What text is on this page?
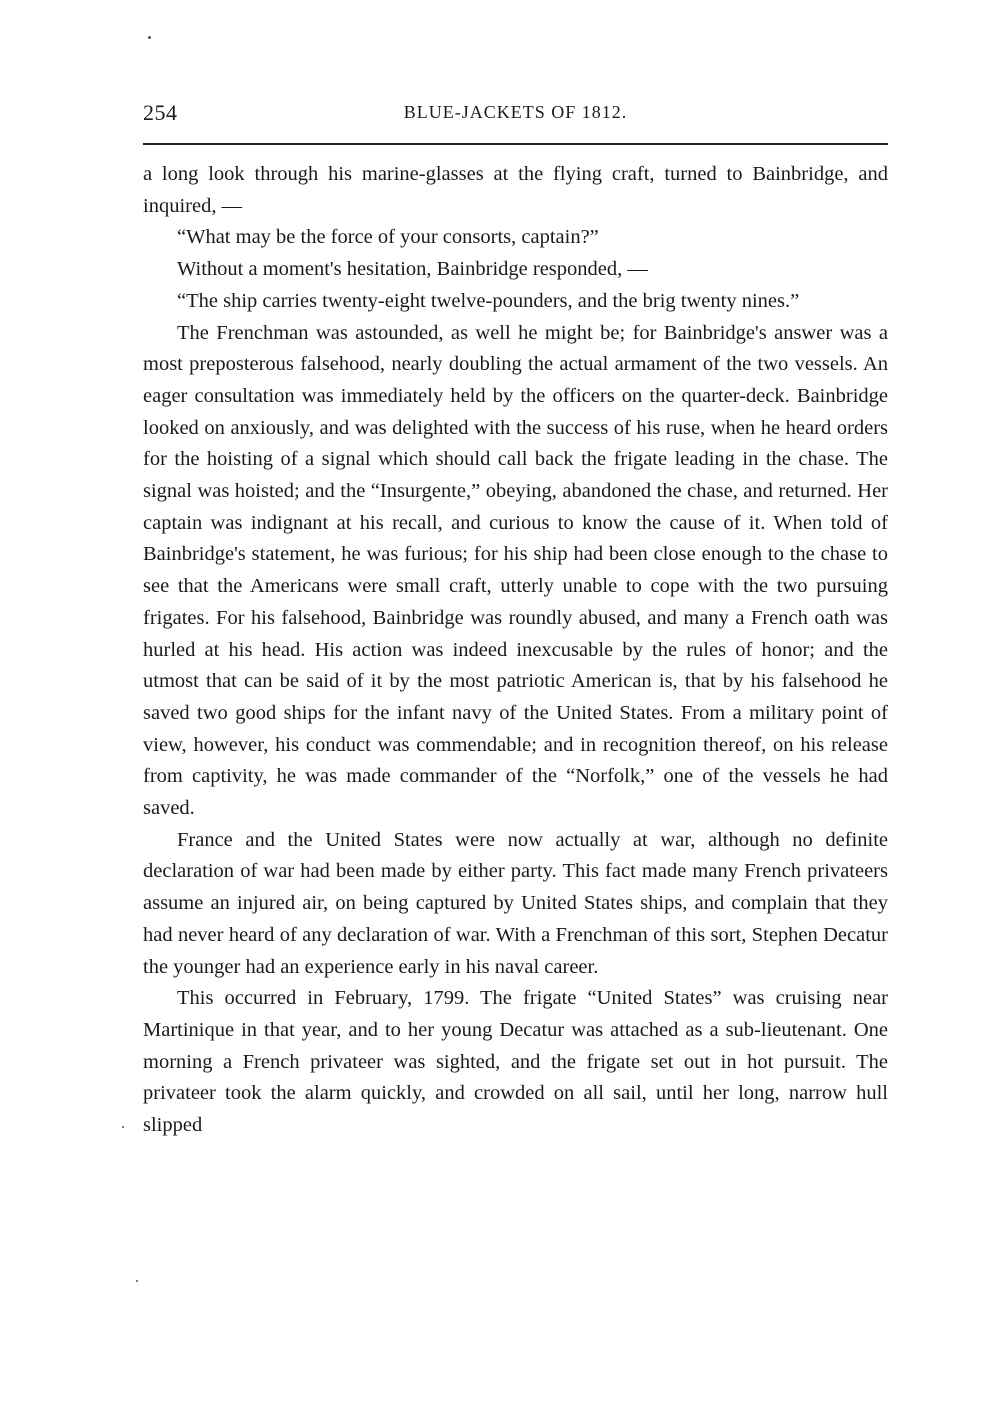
254	BLUE-JACKETS OF 1812.

a long look through his marine-glasses at the flying craft, turned to Bainbridge, and inquired, —

“What may be the force of your consorts, captain?”

Without a moment's hesitation, Bainbridge responded, —

“The ship carries twenty-eight twelve-pounders, and the brig twenty nines.”

The Frenchman was astounded, as well he might be; for Bainbridge's answer was a most preposterous falsehood, nearly doubling the actual armament of the two vessels. An eager consultation was immediately held by the officers on the quarter-deck. Bainbridge looked on anxiously, and was delighted with the success of his ruse, when he heard orders for the hoisting of a signal which should call back the frigate leading in the chase. The signal was hoisted; and the “Insurgente,” obeying, abandoned the chase, and returned. Her captain was indignant at his recall, and curious to know the cause of it. When told of Bainbridge's statement, he was furious; for his ship had been close enough to the chase to see that the Americans were small craft, utterly unable to cope with the two pursuing frigates. For his falsehood, Bainbridge was roundly abused, and many a French oath was hurled at his head. His action was indeed inexcusable by the rules of honor; and the utmost that can be said of it by the most patriotic American is, that by his falsehood he saved two good ships for the infant navy of the United States. From a military point of view, however, his conduct was commendable; and in recognition thereof, on his release from captivity, he was made commander of the “Norfolk,” one of the vessels he had saved.

France and the United States were now actually at war, although no definite declaration of war had been made by either party. This fact made many French privateers assume an injured air, on being captured by United States ships, and complain that they had never heard of any declaration of war. With a Frenchman of this sort, Stephen Decatur the younger had an experience early in his naval career.

This occurred in February, 1799. The frigate “United States” was cruising near Martinique in that year, and to her young Decatur was attached as a sub-lieutenant. One morning a French privateer was sighted, and the frigate set out in hot pursuit. The privateer took the alarm quickly, and crowded on all sail, until her long, narrow hull slipped
